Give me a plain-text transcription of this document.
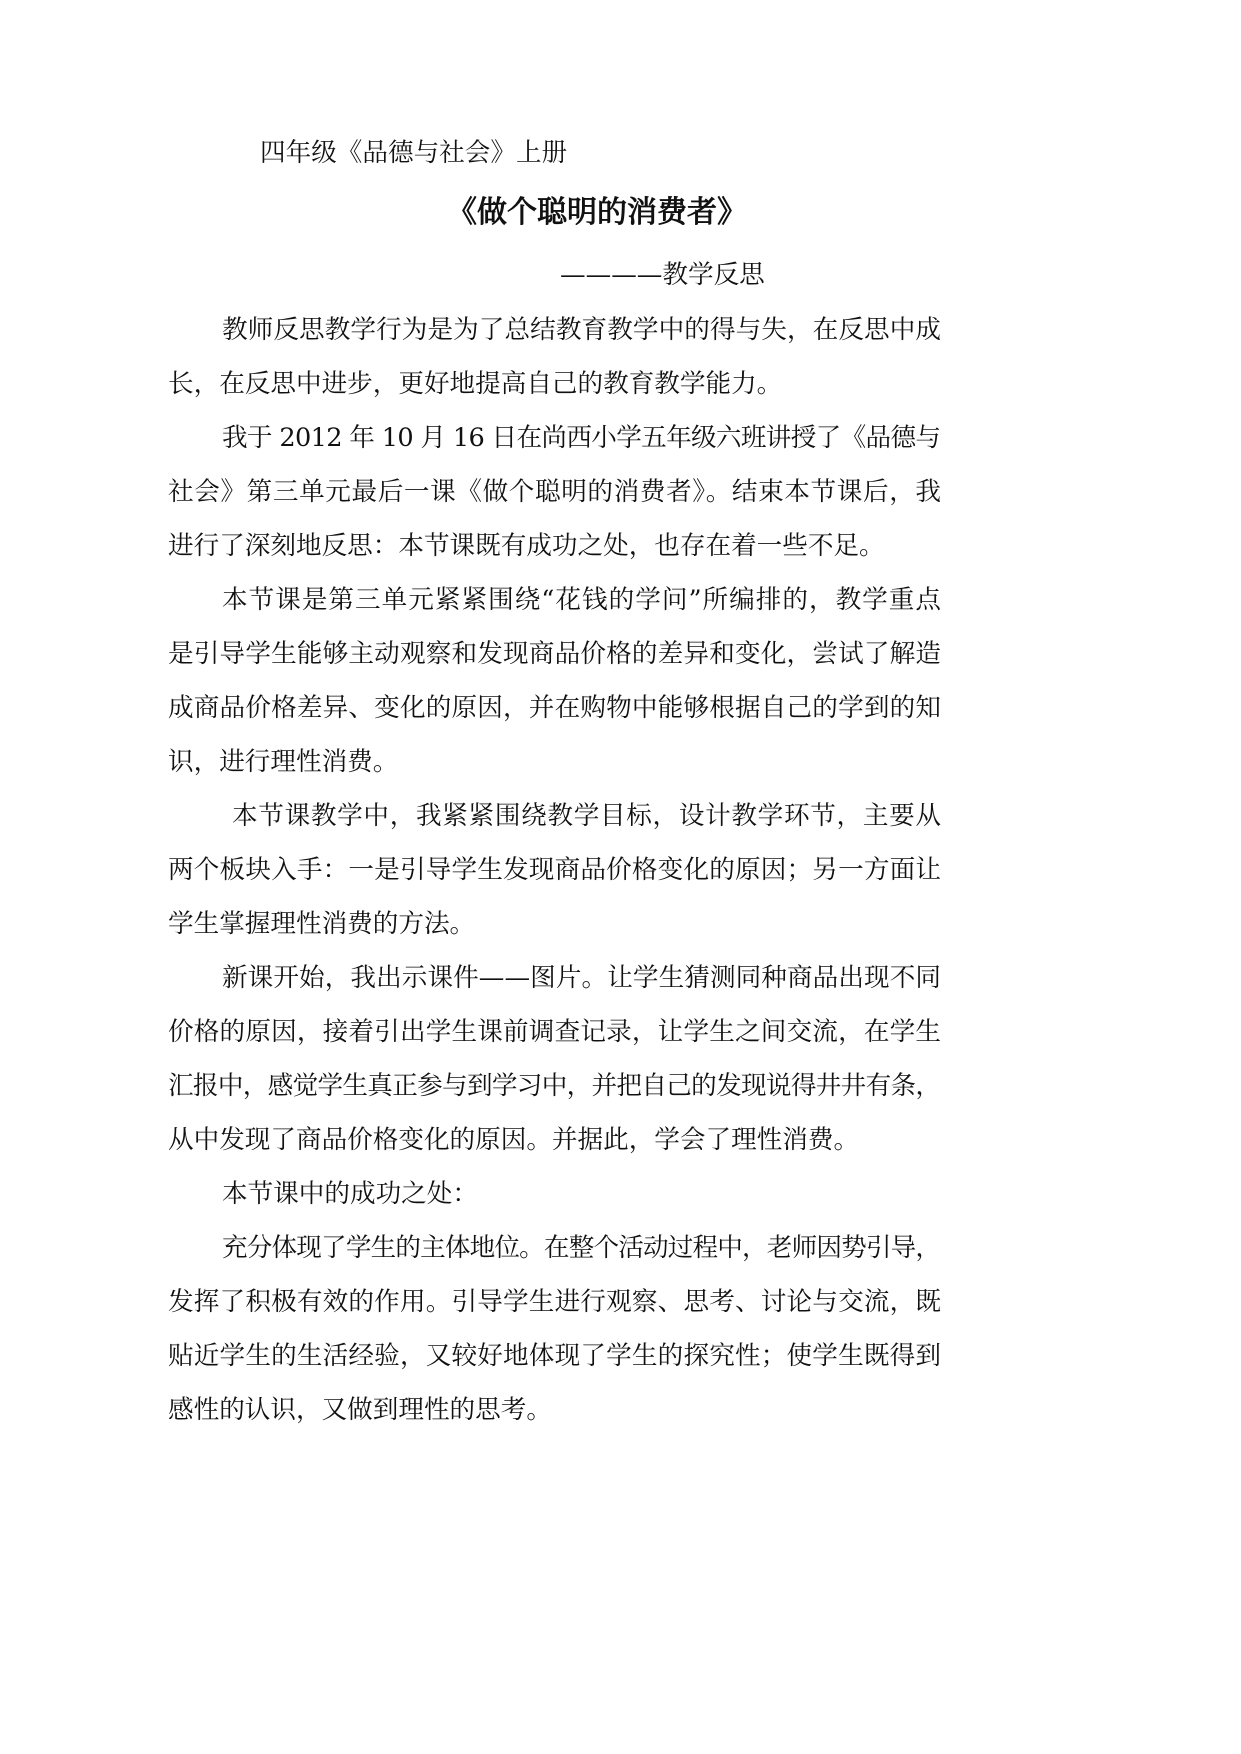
四年级《品德与社会》上册
《做个聪明的消费者》
————教学反思
教师反思教学行为是为了总结教育教学中的得与失，在反思中成
长，在反思中进步，更好地提高自己的教育教学能力。
我于 2012 年 10 月 16 日在尚西小学五年级六班讲授了《品德与
社会》第三单元最后一课《做个聪明的消费者》。结束本节课后，我
进行了深刻地反思：本节课既有成功之处，也存在着一些不足。
本节课是第三单元紧紧围绕“花钱的学问”所编排的，教学重点
是引导学生能够主动观察和发现商品价格的差异和变化，尝试了解造
成商品价格差异、变化的原因，并在购物中能够根据自己的学到的知
识，进行理性消费。
本节课教学中，我紧紧围绕教学目标，设计教学环节，主要从
两个板块入手：一是引导学生发现商品价格变化的原因；另一方面让
学生掌握理性消费的方法。
新课开始，我出示课件——图片。让学生猜测同种商品出现不同
价格的原因，接着引出学生课前调查记录，让学生之间交流，在学生
汇报中，感觉学生真正参与到学习中，并把自己的发现说得井井有条，
从中发现了商品价格变化的原因。并据此，学会了理性消费。
本节课中的成功之处：
充分体现了学生的主体地位。在整个活动过程中，老师因势引导，
发挥了积极有效的作用。引导学生进行观察、思考、讨论与交流，既
贴近学生的生活经验，又较好地体现了学生的探究性；使学生既得到
感性的认识，又做到理性的思考。
